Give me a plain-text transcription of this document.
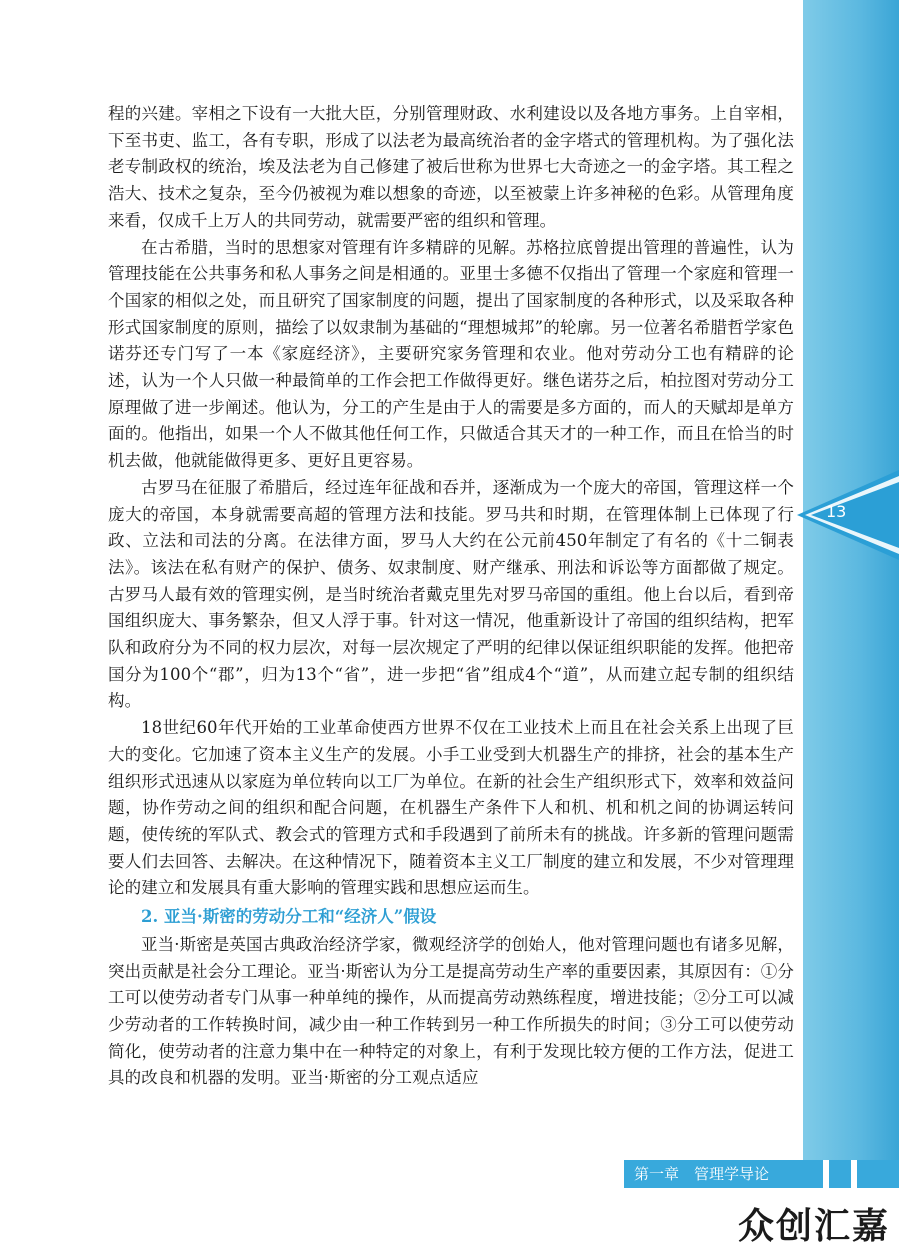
13

程的兴建。宰相之下设有一大批大臣，分别管理财政、水利建设以及各地方事务。上自宰相，下至书吏、监工，各有专职，形成了以法老为最高统治者的金字塔式的管理机构。为了强化法老专制政权的统治，埃及法老为自己修建了被后世称为世界七大奇迹之一的金字塔。其工程之浩大、技术之复杂，至今仍被视为难以想象的奇迹，以至被蒙上许多神秘的色彩。从管理角度来看，仅成千上万人的共同劳动，就需要严密的组织和管理。

在古希腊，当时的思想家对管理有许多精辟的见解。苏格拉底曾提出管理的普遍性，认为管理技能在公共事务和私人事务之间是相通的。亚里士多德不仅指出了管理一个家庭和管理一个国家的相似之处，而且研究了国家制度的问题，提出了国家制度的各种形式，以及采取各种形式国家制度的原则，描绘了以奴隶制为基础的“理想城邦”的轮廓。另一位著名希腊哲学家色诺芬还专门写了一本《家庭经济》，主要研究家务管理和农业。他对劳动分工也有精辟的论述，认为一个人只做一种最简单的工作会把工作做得更好。继色诺芬之后，柏拉图对劳动分工原理做了进一步阐述。他认为，分工的产生是由于人的需要是多方面的，而人的天赋却是单方面的。他指出，如果一个人不做其他任何工作，只做适合其天才的一种工作，而且在恰当的时机去做，他就能做得更多、更好且更容易。

古罗马在征服了希腊后，经过连年征战和吞并，逐渐成为一个庞大的帝国，管理这样一个庞大的帝国，本身就需要高超的管理方法和技能。罗马共和时期，在管理体制上已体现了行政、立法和司法的分离。在法律方面，罗马人大约在公元前450年制定了有名的《十二铜表法》。该法在私有财产的保护、债务、奴隶制度、财产继承、刑法和诉讼等方面都做了规定。古罗马人最有效的管理实例，是当时统治者戴克里先对罗马帝国的重组。他上台以后，看到帝国组织庞大、事务繁杂，但又人浮于事。针对这一情况，他重新设计了帝国的组织结构，把军队和政府分为不同的权力层次，对每一层次规定了严明的纪律以保证组织职能的发挥。他把帝国分为100个“郡”，归为13个“省”，进一步把“省”组成4个“道”，从而建立起专制的组织结构。

18世纪60年代开始的工业革命使西方世界不仅在工业技术上而且在社会关系上出现了巨大的变化。它加速了资本主义生产的发展。小手工业受到大机器生产的排挤，社会的基本生产组织形式迅速从以家庭为单位转向以工厂为单位。在新的社会生产组织形式下，效率和效益问题，协作劳动之间的组织和配合问题，在机器生产条件下人和机、机和机之间的协调运转问题，使传统的军队式、教会式的管理方式和手段遇到了前所未有的挑战。许多新的管理问题需要人们去回答、去解决。在这种情况下，随着资本主义工厂制度的建立和发展，不少对管理理论的建立和发展具有重大影响的管理实践和思想应运而生。

2. 亚当·斯密的劳动分工和“经济人”假设

亚当·斯密是英国古典政治经济学家，微观经济学的创始人，他对管理问题也有诸多见解，突出贡献是社会分工理论。亚当·斯密认为分工是提高劳动生产率的重要因素，其原因有：①分工可以使劳动者专门从事一种单纯的操作，从而提高劳动熟练程度，增进技能；②分工可以减少劳动者的工作转换时间，减少由一种工作转到另一种工作所损失的时间；③分工可以使劳动简化，使劳动者的注意力集中在一种特定的对象上，有利于发现比较方便的工作方法，促进工具的改良和机器的发明。亚当·斯密的分工观点适应

第一章　管理学导论
众创汇嘉
